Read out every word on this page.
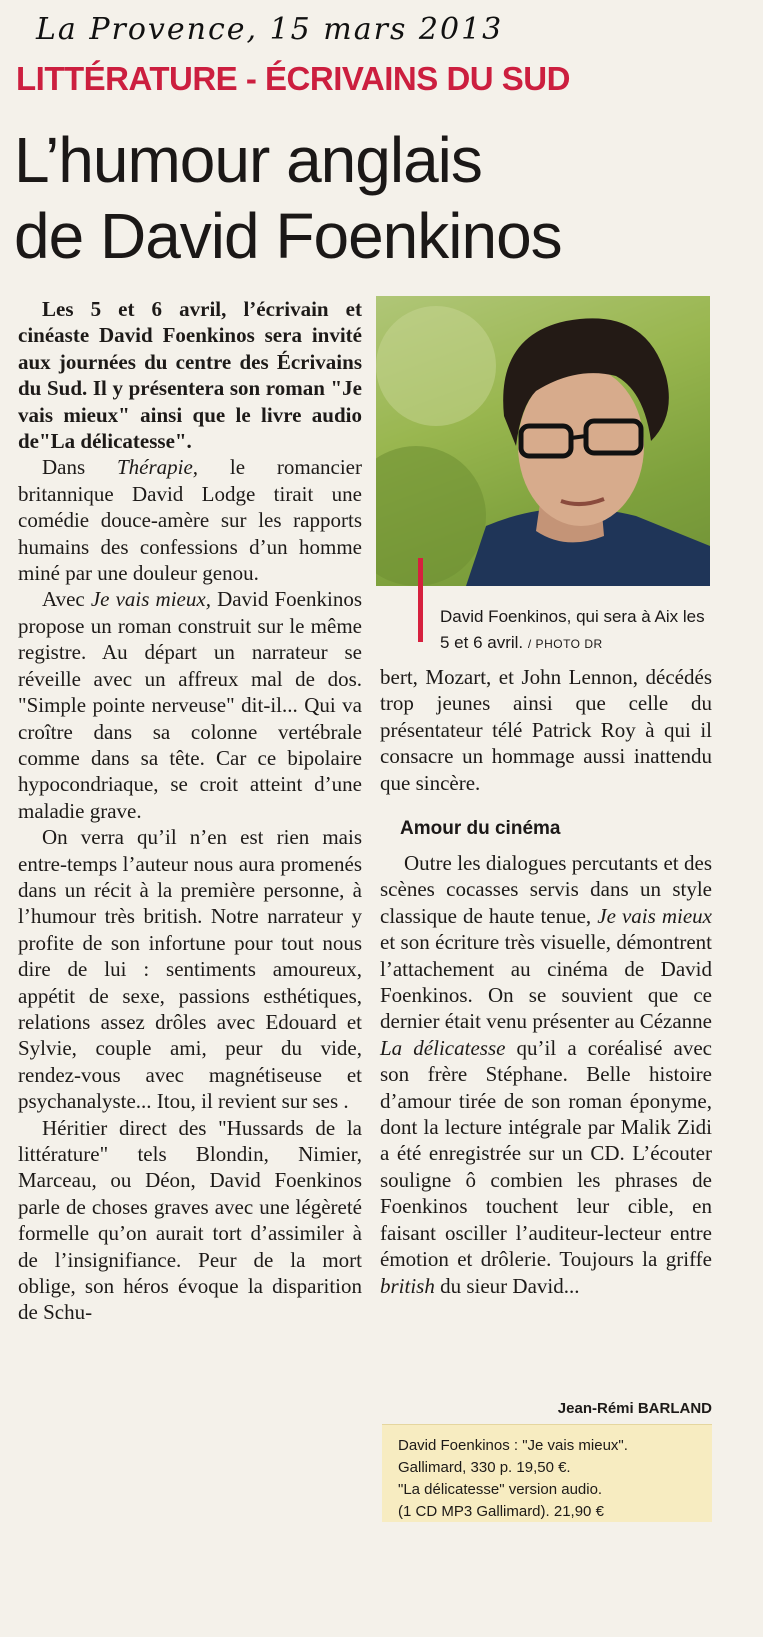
La Provence, 15 mars 2013
LITTÉRATURE - ÉCRIVAINS DU SUD
L’humour anglais
de David Foenkinos

Les 5 et 6 avril, l’écrivain et cinéaste David Foenkinos sera invité aux journées du centre des Écrivains du Sud. Il y présentera son roman "Je vais mieux" ainsi que le livre audio de"La délicatesse".

Dans Thérapie, le romancier britannique David Lodge tirait une comédie douce-amère sur les rapports humains des confessions d’un homme miné par une douleur genou.

Avec Je vais mieux, David Foenkinos propose un roman construit sur le même registre. Au départ un narrateur se réveille avec un affreux mal de dos. "Simple pointe nerveuse" dit-il... Qui va croître dans sa colonne vertébrale comme dans sa tête. Car ce bipolaire hypocondriaque, se croit atteint d’une maladie grave.

On verra qu’il n’en est rien mais entre-temps l’auteur nous aura promenés dans un récit à la première personne, à l’humour très british. Notre narrateur y profite de son infortune pour tout nous dire de lui : sentiments amoureux, appétit de sexe, passions esthétiques, relations assez drôles avec Edouard et Sylvie, couple ami, peur du vide, rendez-vous avec magnétiseuse et psychanalyste... Itou, il revient sur ses .

Héritier direct des "Hussards de la littérature" tels Blondin, Nimier, Marceau, ou Déon, David Foenkinos parle de choses graves avec une légèreté formelle qu’on aurait tort d’assimiler à de l’insignifiance. Peur de la mort oblige, son héros évoque la disparition de Schu-

David Foenkinos, qui sera à Aix les 5 et 6 avril. / PHOTO DR

bert, Mozart, et John Lennon, décédés trop jeunes ainsi que celle du présentateur télé Patrick Roy à qui il consacre un hommage aussi inattendu que sincère.

Amour du cinéma

Outre les dialogues percutants et des scènes cocasses servis dans un style classique de haute tenue, Je vais mieux et son écriture très visuelle, démontrent l’attachement au cinéma de David Foenkinos. On se souvient que ce dernier était venu présenter au Cézanne La délicatesse qu’il a coréalisé avec son frère Stéphane. Belle histoire d’amour tirée de son roman éponyme, dont la lecture intégrale par Malik Zidi a été enregistrée sur un CD. L’écouter souligne ô combien les phrases de Foenkinos touchent leur cible, en faisant osciller l’auditeur-lecteur entre émotion et drôlerie. Toujours la griffe british du sieur David...

Jean-Rémi BARLAND
David Foenkinos : "Je vais mieux".
Gallimard, 330 p. 19,50 €.
"La délicatesse" version audio.
(1 CD MP3 Gallimard). 21,90 €
